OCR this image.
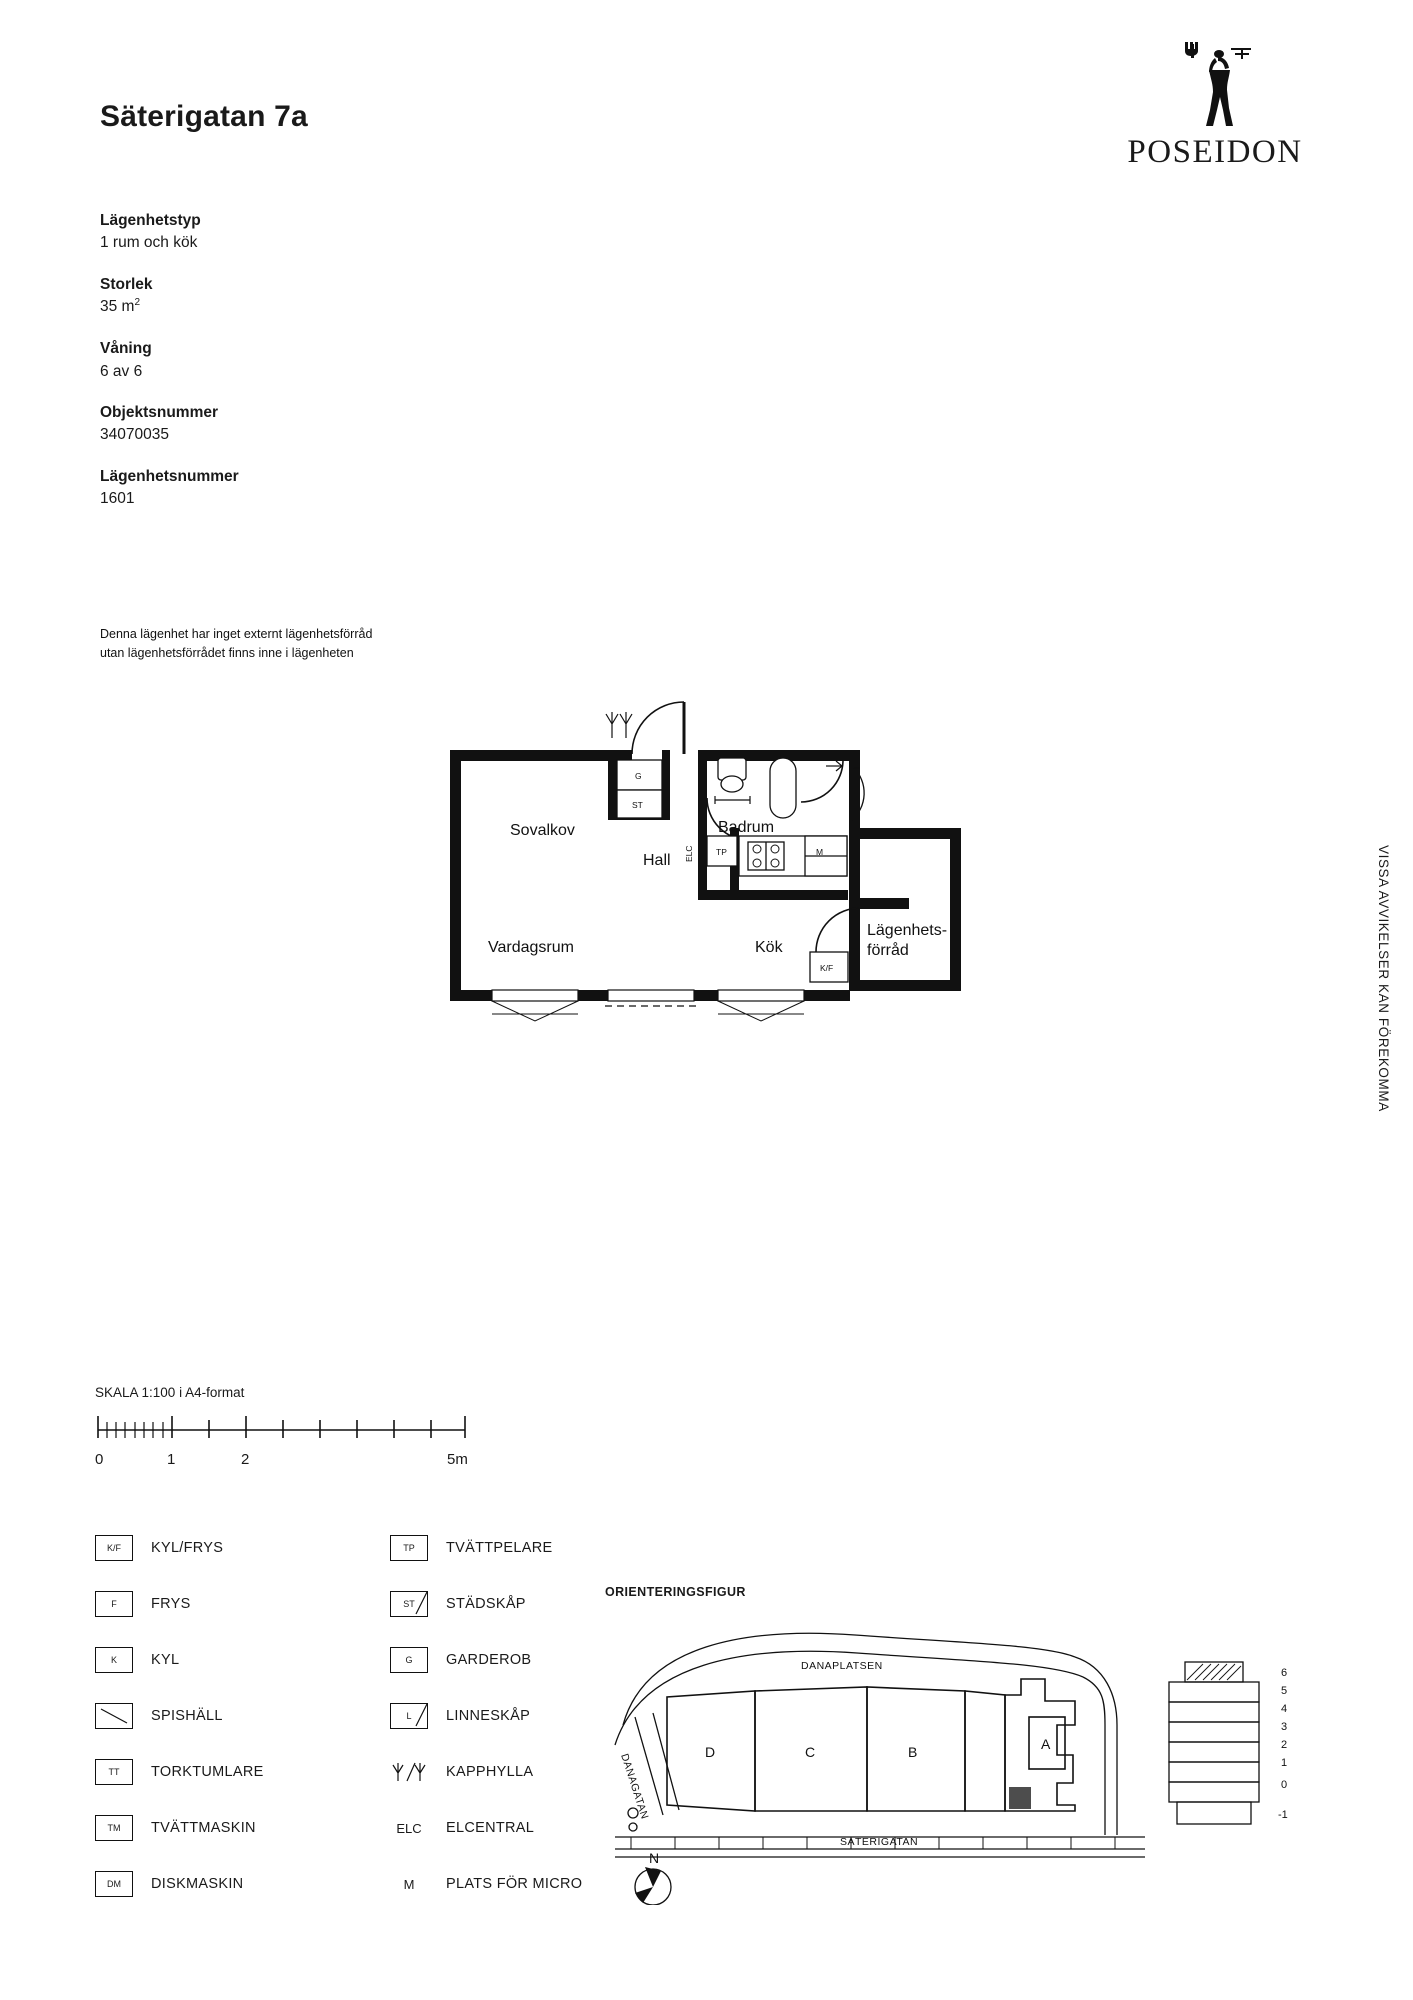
Säterigatan 7a
POSEIDON
Lägenhetstyp
1 rum och kök
Storlek
35 $m^2$
Våning
6 av 6
Objektsnummer
34070035
Lägenhetsnummer
1601
Denna lägenhet har inget externt lägenhetsförråd utan lägenhetsförrådet finns inne i lägenheten
VISSA AVVIKELSER KAN FÖREKOMMA
Sovalkov
Hall
Badrum
Vardagsrum	Kök
Lägenhets-
förråd
G
ST
ELC	TP	M
K/F
SKALA 1:100 i A4-format
0	1	2	5m
K/F	KYL/FRYS
F	FRYS
K	KYL
SPISHÄLL
TT	TORKTUMLARE
TM	TVÄTTMASKIN
DM	DISKMASKIN
TP	TVÄTTPELARE
ST STÄDSKÅP
G	GARDEROB
L LINNESKÅP
KAPPHYLLA
ELC	ELCENTRAL
M	PLATS FÖR MICRO
ORIENTERINGSFIGUR
DANAGATAN
DANAPLATSEN
SÄTERIGATAN
D	C	B	A
N
6
5
4
3
2
1
0
-1
